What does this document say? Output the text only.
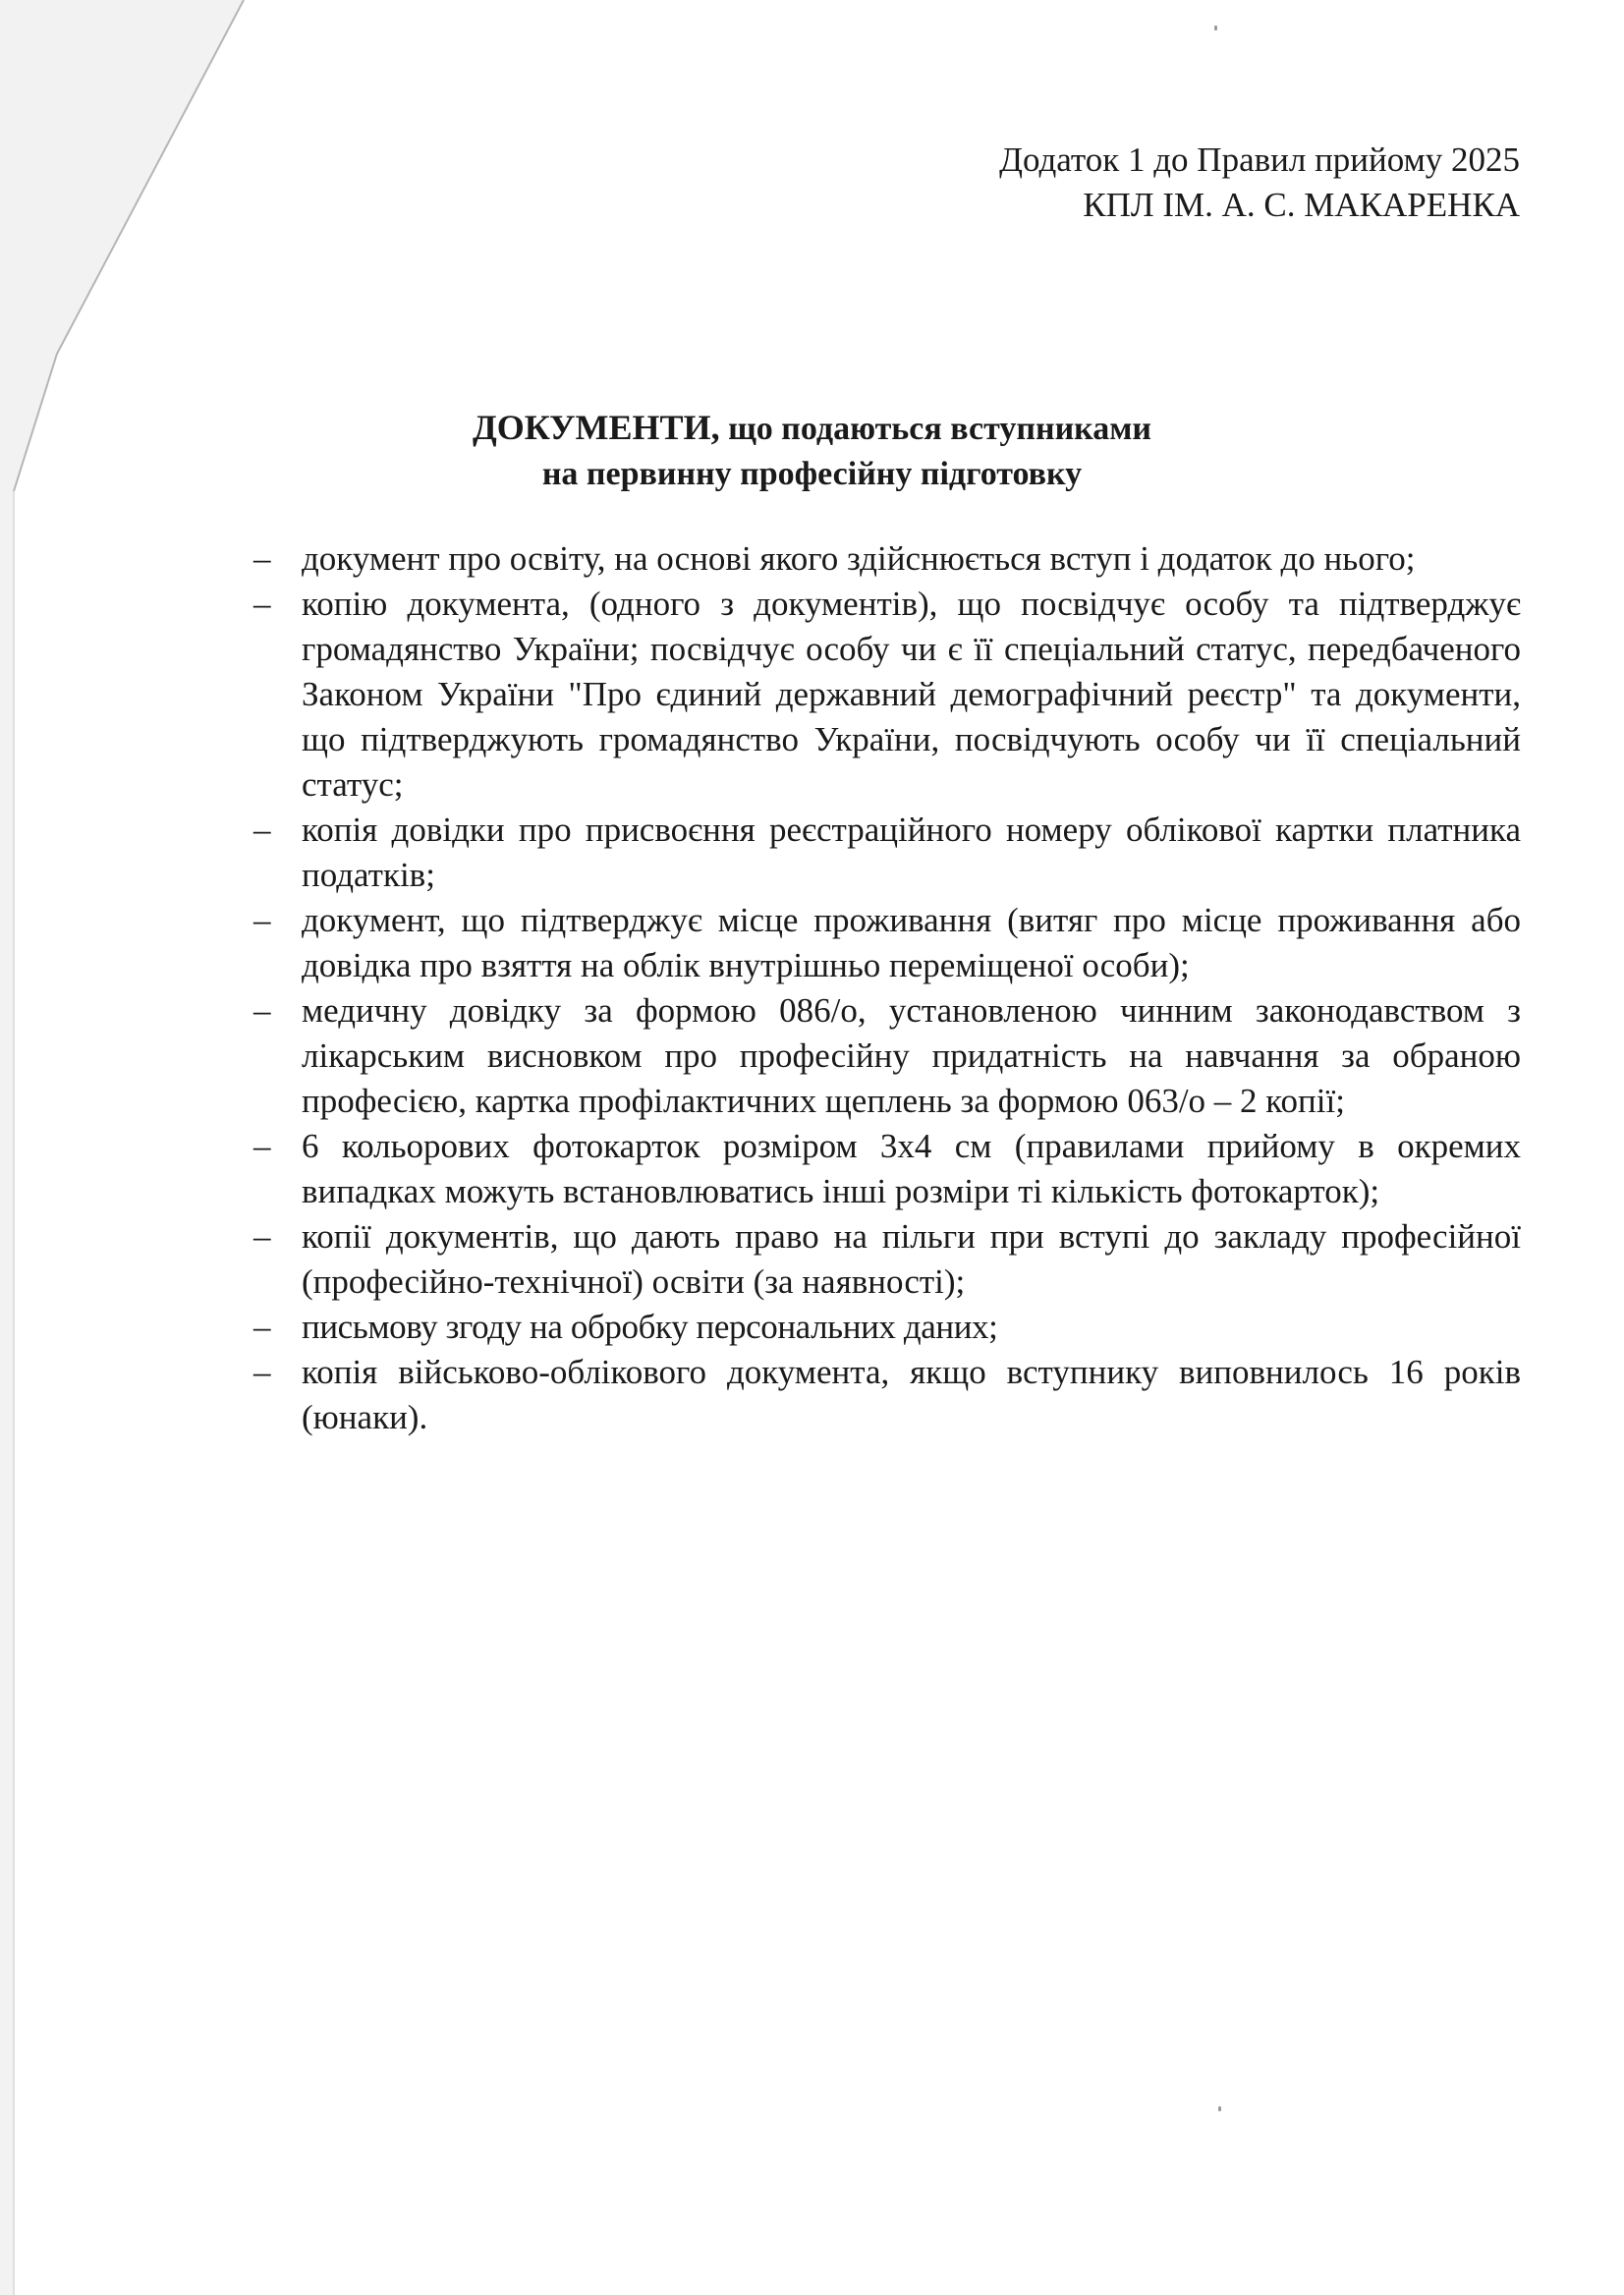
Додаток 1 до Правил прийому 2025
КПЛ ІМ. А. С. МАКАРЕНКА
ДОКУМЕНТИ, що подаються вступниками
на первинну професійну підготовку
– документ про освіту, на основі якого здійснюється вступ і додаток до нього;
– копію документа, (одного з документів), що посвідчує особу та підтверджує громадянство України; посвідчує особу чи є її спеціальний статус, передбаченого Законом України "Про єдиний державний демографічний реєстр" та документи, що підтверджують громадянство України, посвідчують особу чи її спеціальний статус;
– копія довідки про присвоєння реєстраційного номеру облікової картки платника податків;
– документ, що підтверджує місце проживання (витяг про місце проживання або довідка про взяття на облік внутрішньо переміщеної особи);
– медичну довідку за формою 086/о, установленою чинним законодавством з лікарським висновком про професійну придатність на навчання за обраною професією, картка профілактичних щеплень за формою 063/о – 2 копії;
– 6 кольорових фотокарток розміром 3х4 см (правилами прийому в окремих випадках можуть встановлюватись інші розміри ті кількість фотокарток);
– копії документів, що дають право на пільги при вступі до закладу професійної (професійно-технічної) освіти (за наявності);
– письмову згоду на обробку персональних даних;
– копія військово-облікового документа, якщо вступнику виповнилось 16 років (юнаки).
